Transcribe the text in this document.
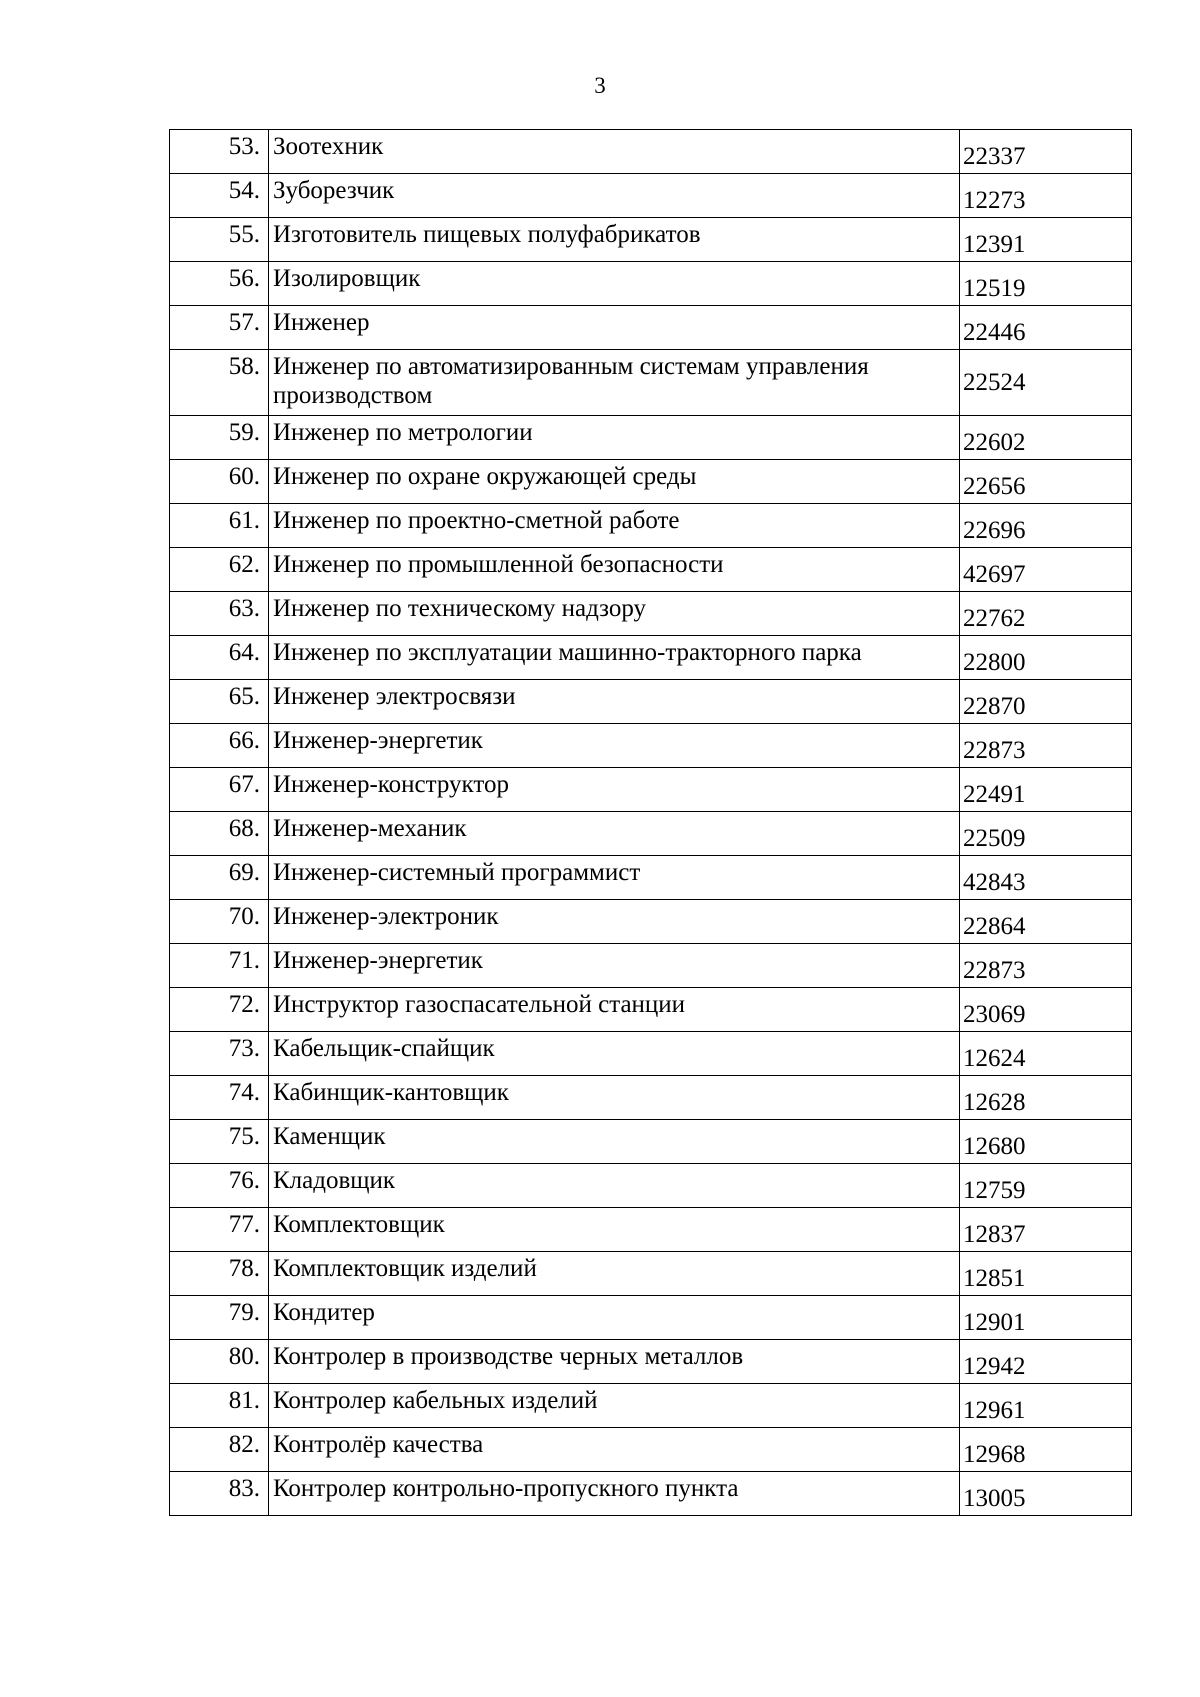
3
53.	Зоотехник	22337
54.	Зуборезчик	12273
55.	Изготовитель пищевых полуфабрикатов	12391
56.	Изолировщик	12519
57.	Инженер	22446
58.	Инженер по автоматизированным системам управления производством	22524
59.	Инженер по метрологии	22602
60.	Инженер по охране окружающей среды	22656
61.	Инженер по проектно-сметной работе	22696
62.	Инженер по промышленной безопасности	42697
63.	Инженер по техническому надзору	22762
64.	Инженер по эксплуатации машинно-тракторного парка	22800
65.	Инженер электросвязи	22870
66.	Инженер-энергетик	22873
67.	Инженер-конструктор	22491
68.	Инженер-механик	22509
69.	Инженер-системный программист	42843
70.	Инженер-электроник	22864
71.	Инженер-энергетик	22873
72.	Инструктор газоспасательной станции	23069
73.	Кабельщик-спайщик	12624
74.	Кабинщик-кантовщик	12628
75.	Каменщик	12680
76.	Кладовщик	12759
77.	Комплектовщик	12837
78.	Комплектовщик изделий	12851
79.	Кондитер	12901
80.	Контролер в производстве черных металлов	12942
81.	Контролер кабельных изделий	12961
82.	Контролёр качества	12968
83.	Контролер контрольно-пропускного пункта	13005
